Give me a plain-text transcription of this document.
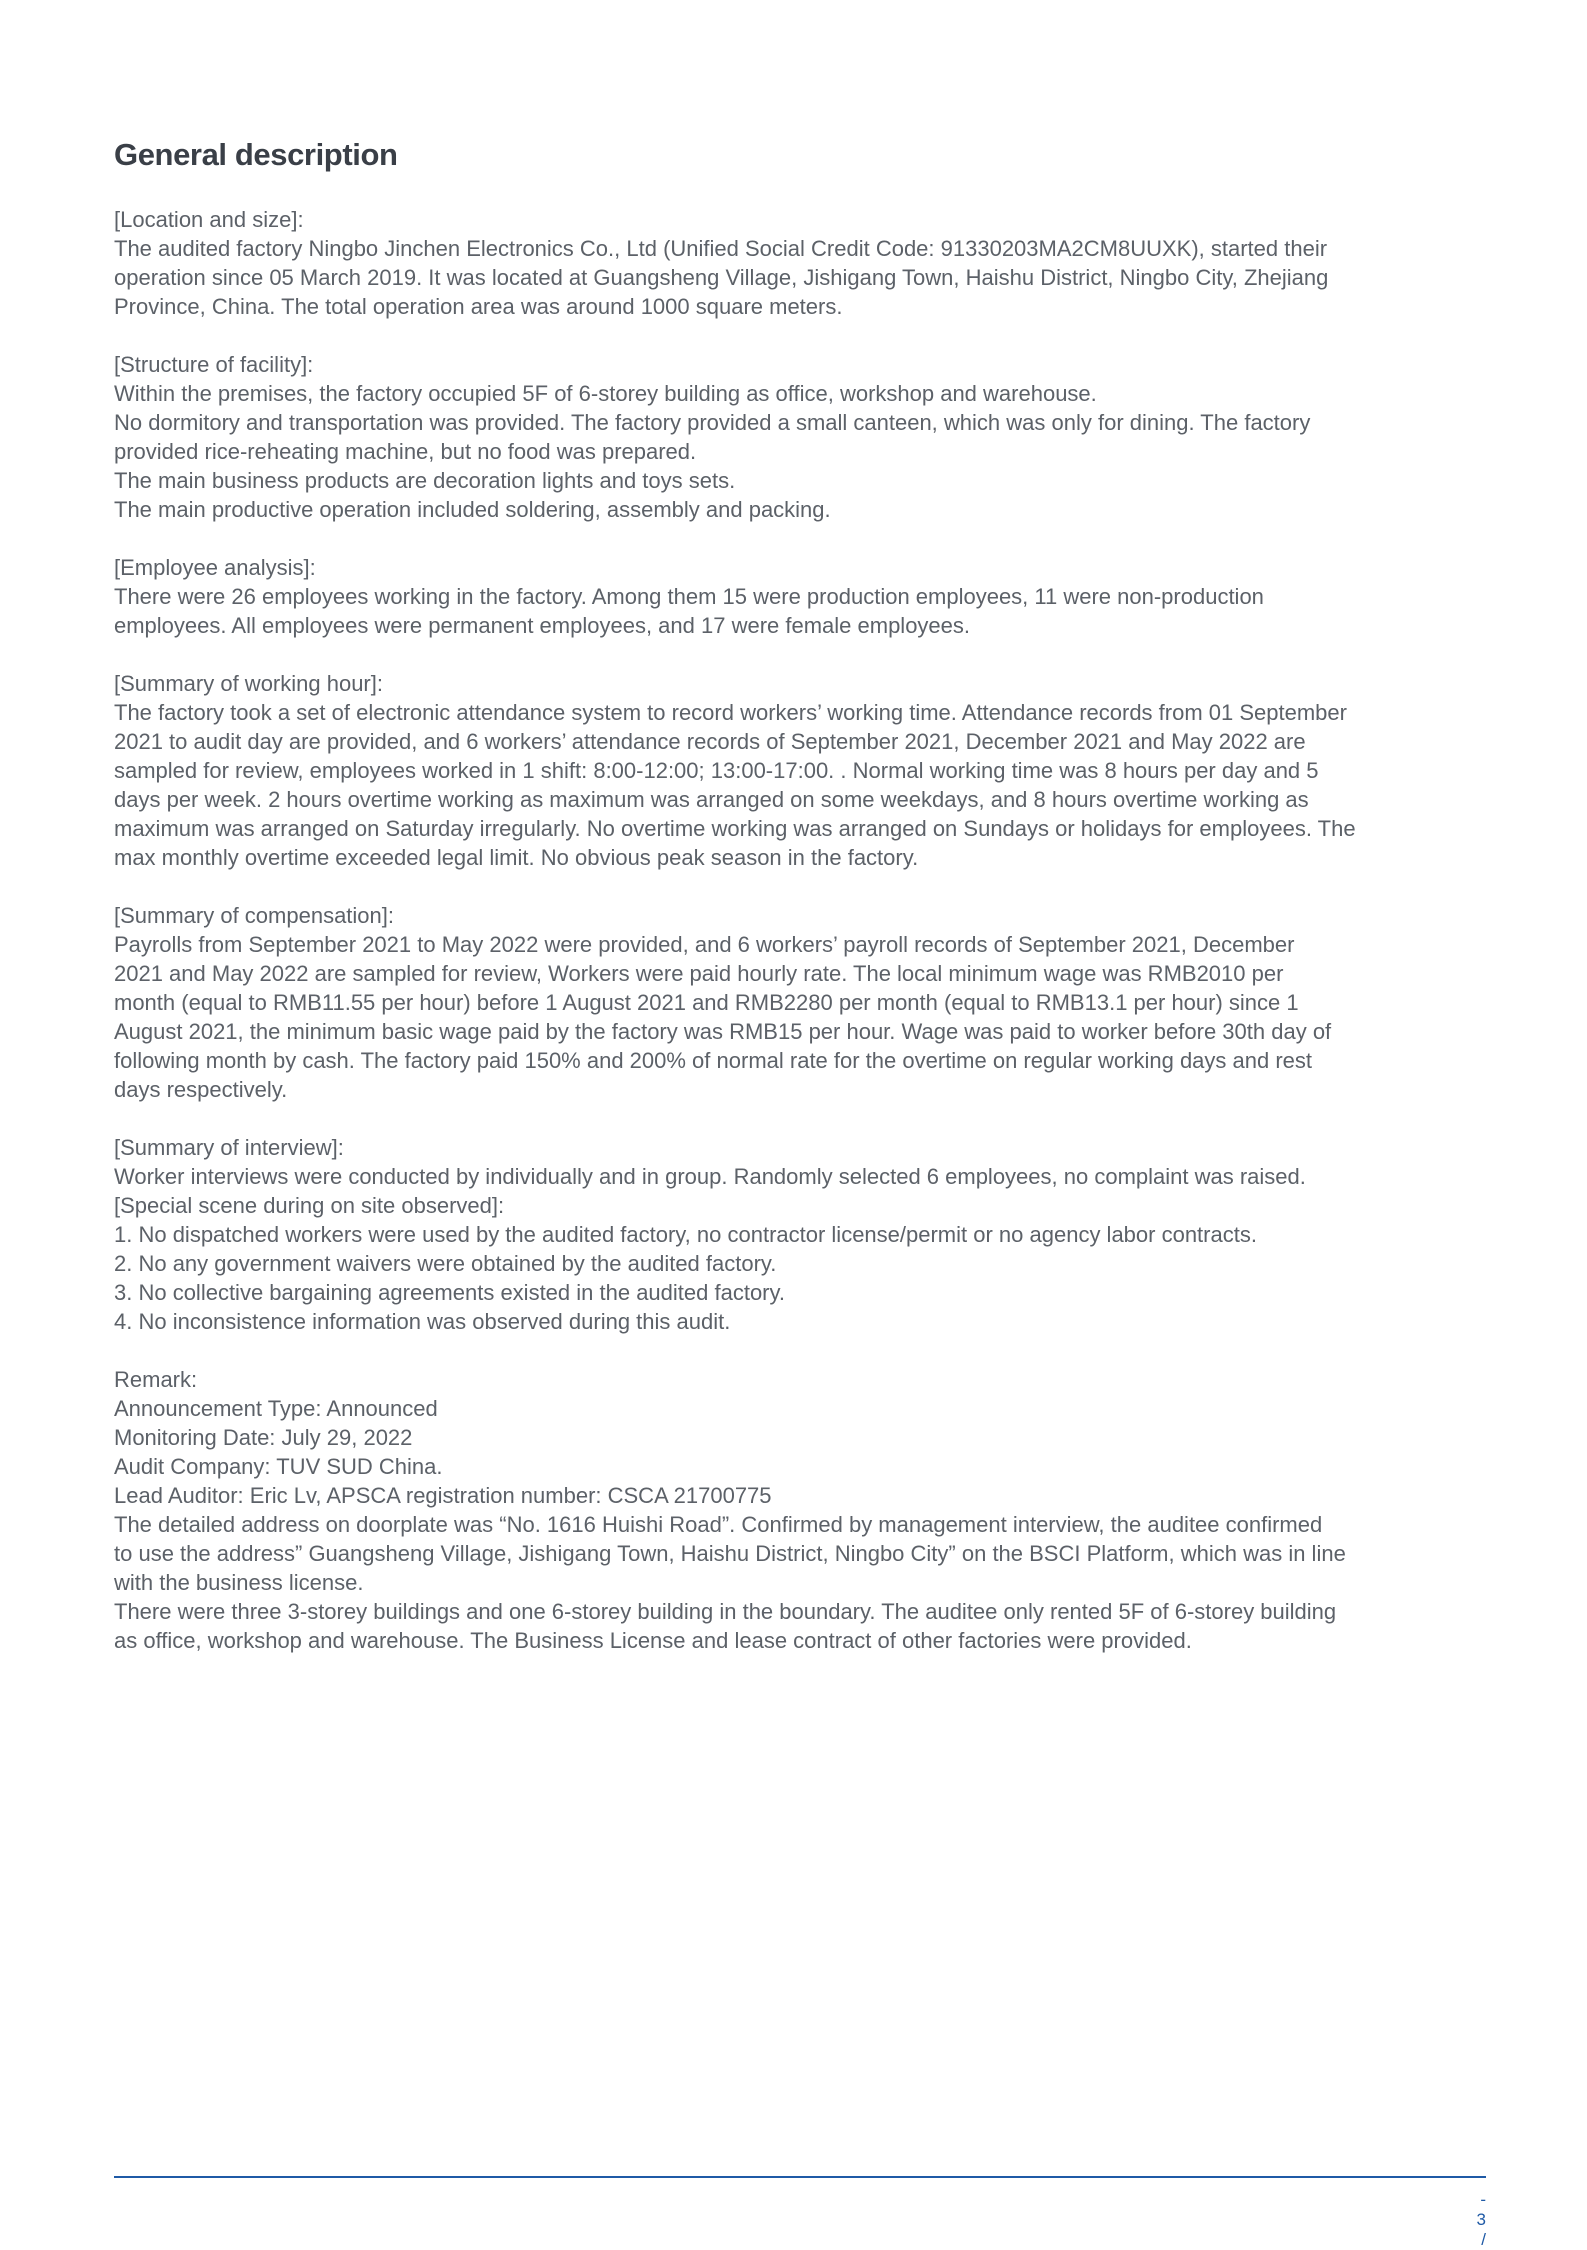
General description
[Location and size]:
The audited factory Ningbo Jinchen Electronics Co., Ltd (Unified Social Credit Code: 91330203MA2CM8UUXK), started their
operation since 05 March 2019. It was located at Guangsheng Village, Jishigang Town, Haishu District, Ningbo City, Zhejiang
Province, China. The total operation area was around 1000 square meters.
[Structure of facility]:
Within the premises, the factory occupied 5F of 6-storey building as office, workshop and warehouse.
No dormitory and transportation was provided. The factory provided a small canteen, which was only for dining. The factory
provided rice-reheating machine, but no food was prepared.
The main business products are decoration lights and toys sets.
The main productive operation included soldering, assembly and packing.
[Employee analysis]:
There were 26 employees working in the factory. Among them 15 were production employees, 11 were non-production
employees. All employees were permanent employees, and 17 were female employees.
[Summary of working hour]:
The factory took a set of electronic attendance system to record workers’ working time. Attendance records from 01 September
2021 to audit day are provided, and 6 workers’ attendance records of September 2021, December 2021 and May 2022 are
sampled for review, employees worked in 1 shift: 8:00-12:00; 13:00-17:00. . Normal working time was 8 hours per day and 5
days per week. 2 hours overtime working as maximum was arranged on some weekdays, and 8 hours overtime working as
maximum was arranged on Saturday irregularly. No overtime working was arranged on Sundays or holidays for employees. The
max monthly overtime exceeded legal limit. No obvious peak season in the factory.
[Summary of compensation]:
Payrolls from September 2021 to May 2022 were provided, and 6 workers’ payroll records of September 2021, December
2021 and May 2022 are sampled for review, Workers were paid hourly rate. The local minimum wage was RMB2010 per
month (equal to RMB11.55 per hour) before 1 August 2021 and RMB2280 per month (equal to RMB13.1 per hour) since 1
August 2021, the minimum basic wage paid by the factory was RMB15 per hour. Wage was paid to worker before 30th day of
following month by cash. The factory paid 150% and 200% of normal rate for the overtime on regular working days and rest
days respectively.
[Summary of interview]:
Worker interviews were conducted by individually and in group. Randomly selected 6 employees, no complaint was raised.
[Special scene during on site observed]:
1. No dispatched workers were used by the audited factory, no contractor license/permit or no agency labor contracts.
2. No any government waivers were obtained by the audited factory.
3. No collective bargaining agreements existed in the audited factory.
4. No inconsistence information was observed during this audit.
Remark:
Announcement Type: Announced
Monitoring Date: July 29, 2022
Audit Company: TUV SUD China.
Lead Auditor: Eric Lv, APSCA registration number: CSCA 21700775
The detailed address on doorplate was “No. 1616 Huishi Road”. Confirmed by management interview, the auditee confirmed
to use the address” Guangsheng Village, Jishigang Town, Haishu District, Ningbo City” on the BSCI Platform, which was in line
with the business license.
There were three 3-storey buildings and one 6-storey building in the boundary. The auditee only rented 5F of 6-storey building
as office, workshop and warehouse. The Business License and lease contract of other factories were provided.
-
3
/
